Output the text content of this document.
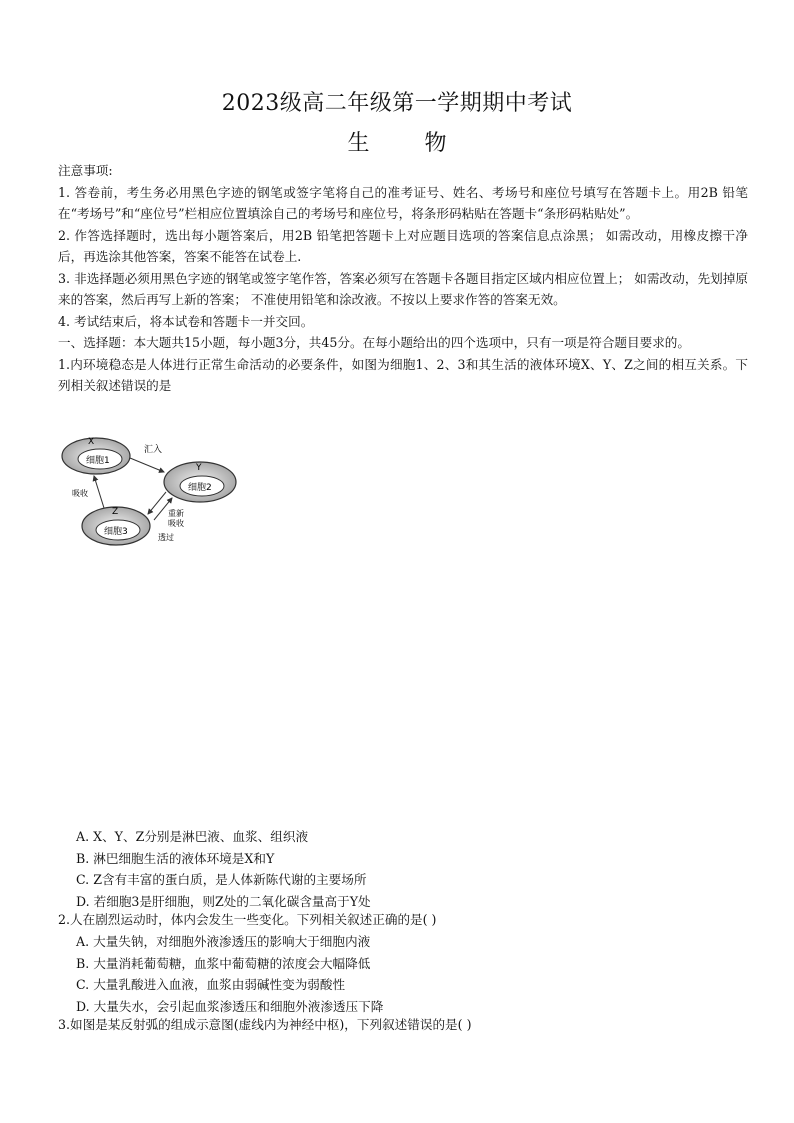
2023级高二年级第一学期期中考试
生 物

注意事项:

1. 答卷前，考生务必用黑色字迹的钢笔或签字笔将自己的准考证号、姓名、考场号和座位号填写在答题卡上。用2B 铅笔在“考场号”和“座位号”栏相应位置填涂自己的考场号和座位号，将条形码粘贴在答题卡“条形码粘贴处”。

2. 作答选择题时，选出每小题答案后，用2B 铅笔把答题卡上对应题目选项的答案信息点涂黑； 如需改动，用橡皮擦干净后，再选涂其他答案，答案不能答在试卷上.

3. 非选择题必须用黑色字迹的钢笔或签字笔作答，答案必须写在答题卡各题目指定区域内相应位置上； 如需改动，先划掉原来的答案，然后再写上新的答案； 不准使用铅笔和涂改液。不按以上要求作答的答案无效。

4. 考试结束后，将本试卷和答题卡一并交回。

一、选择题：本大题共15小题，每小题3分，共45分。在每小题给出的四个选项中，只有一项是符合题目要求的。

1.内环境稳态是人体进行正常生命活动的必要条件，如图为细胞1、2、3和其生活的液体环境X、Y、Z之间的相互关系。下列相关叙述错误的是

X
细胞1
Y
细胞2
Z
细胞3
汇入
重新
吸收
吸收
透过

A. X、Y、Z分别是淋巴液、血浆、组织液

B. 淋巴细胞生活的液体环境是X和Y

C. Z含有丰富的蛋白质，是人体新陈代谢的主要场所

D. 若细胞3是肝细胞，则Z处的二氧化碳含量高于Y处

2.人在剧烈运动时，体内会发生一些变化。下列相关叙述正确的是( )

A. 大量失钠，对细胞外液渗透压的影响大于细胞内液

B. 大量消耗葡萄糖，血浆中葡萄糖的浓度会大幅降低

C. 大量乳酸进入血液，血浆由弱碱性变为弱酸性

D. 大量失水，会引起血浆渗透压和细胞外液渗透压下降

3.如图是某反射弧的组成示意图(虚线内为神经中枢)，下列叙述错误的是( )
